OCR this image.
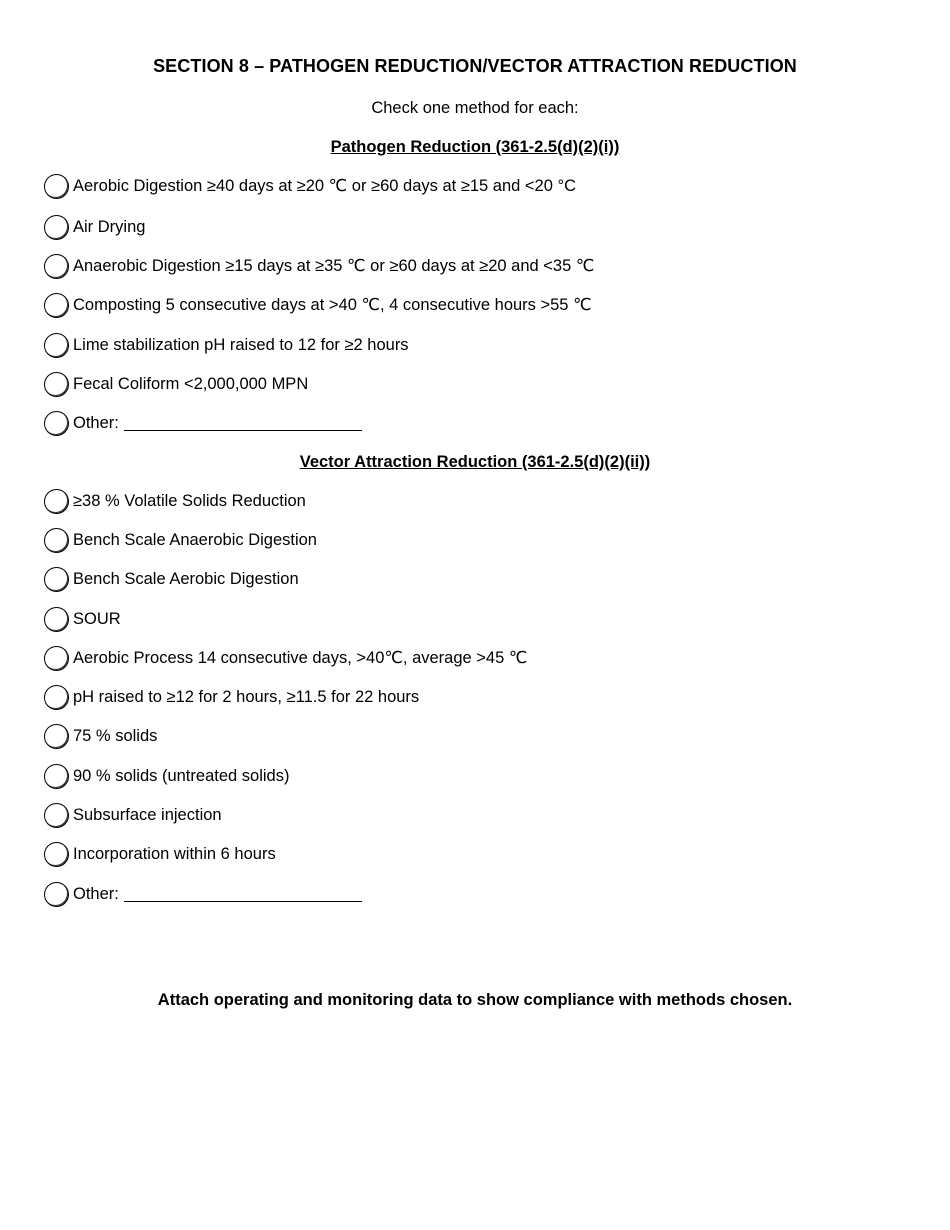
SECTION 8 – PATHOGEN REDUCTION/VECTOR ATTRACTION REDUCTION
Check one method for each:
Pathogen Reduction (361-2.5(d)(2)(i))
Aerobic Digestion ≥40 days at ≥20 ℃ or ≥60 days at ≥15 and <20 °C
Air Drying
Anaerobic Digestion ≥15 days at ≥35 ℃ or ≥60 days at ≥20 and <35 ℃
Composting 5 consecutive days at >40 ℃, 4 consecutive hours >55 ℃
Lime stabilization pH raised to 12 for ≥2 hours
Fecal Coliform <2,000,000 MPN
Other:
Vector Attraction Reduction (361-2.5(d)(2)(ii))
≥38 % Volatile Solids Reduction
Bench Scale Anaerobic Digestion
Bench Scale Aerobic Digestion
SOUR
Aerobic Process 14 consecutive days, >40℃, average >45 ℃
pH raised to ≥12 for 2 hours, ≥11.5 for 22 hours
75 % solids
90 % solids (untreated solids)
Subsurface injection
Incorporation within 6 hours
Other:
Attach operating and monitoring data to show compliance with methods chosen.
